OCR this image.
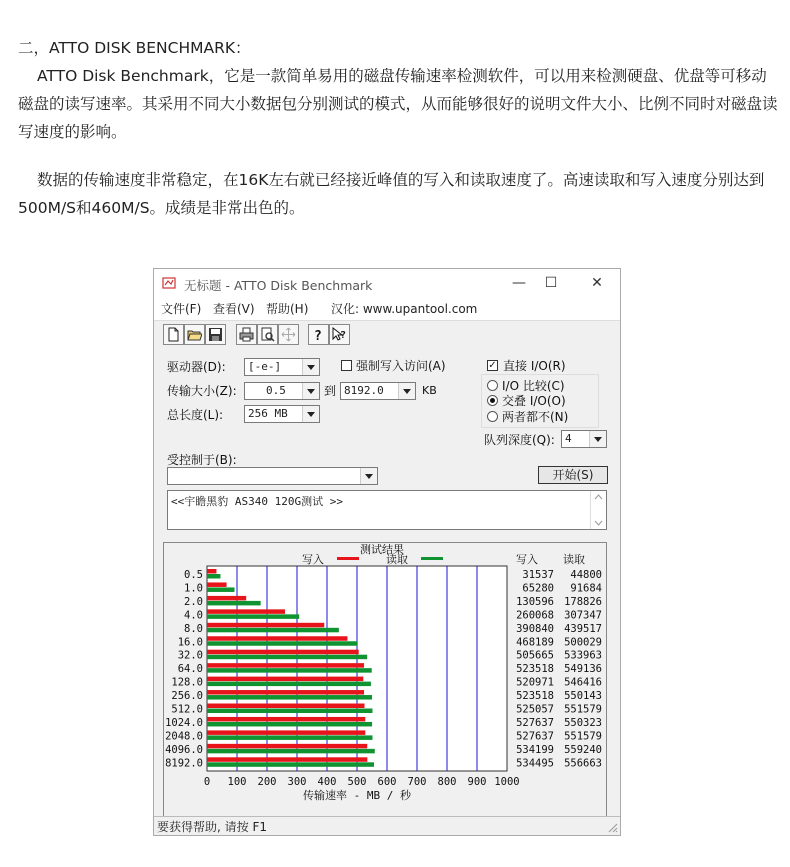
二，ATTO DISK BENCHMARK：

ATTO Disk Benchmark，它是一款简单易用的磁盘传输速率检测软件，可以用来检测硬盘、优盘等可移动磁盘的读写速率。其采用不同大小数据包分别测试的模式，从而能够很好的说明文件大小、比例不同时对磁盘读写速度的影响。

数据的传输速度非常稳定，在16K左右就已经接近峰值的写入和读取速度了。高速读取和写入速度分别达到500M/S和460M/S。成绩是非常出色的。

无标题 - ATTO Disk Benchmark	—	☐	✕
文件(F) 查看(V) 帮助(H) 汉化: www.upantool.com
? ?
驱动器(D):	[-e-]
传输大小(Z):	0.5	到 8192.0	KB
总长度(L):	256 MB
强制写入访问(A)	✓ 直接 I/O(R)
I/O 比较(C)
交叠 I/O(O)
两者都不(N)
队列深度(Q): 4
受控制于(B):
开始(S)
<<宇瞻黑豹 AS340 120G测试 >>
测试结果
写入	读取	写入 读取
0 100 200 300 400 500 600 700 800 900 1000
传输速率 - MB / 秒
0.5	31537 44800
1.0	65280 91684
2.0	130596 178826
4.0	260068 307347
8.0	390840 439517
16.0	468189 500029
32.0	505665 533963
64.0	523518 549136
128.0	520971 546416
256.0	523518 550143
512.0	525057 551579
1024.0	527637 550323
2048.0	527637 551579
4096.0	534199 559240
8192.0	534495 556663
要获得帮助, 请按 F1
